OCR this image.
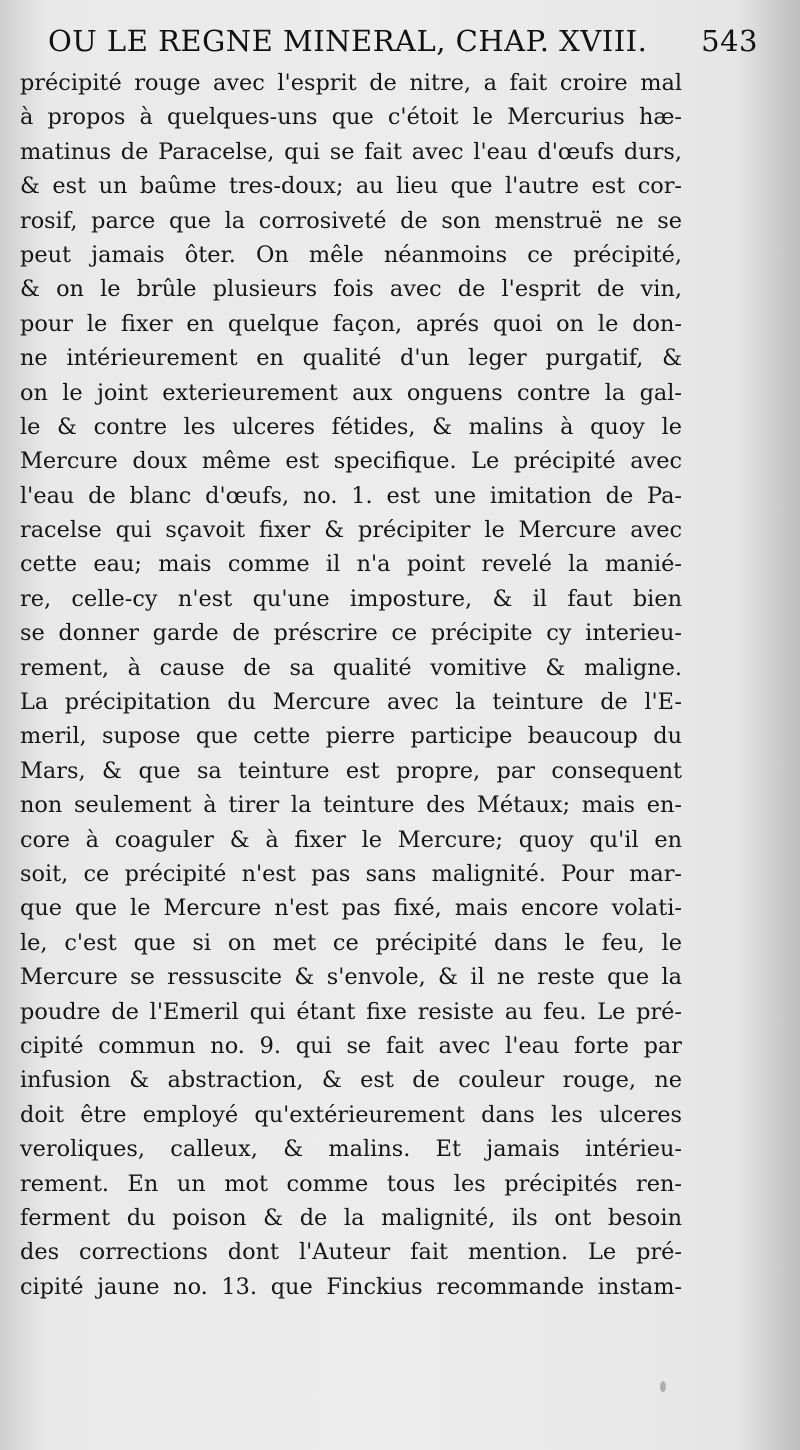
OU LE REGNE MINERAL, CHAP. XVIII. 543
précipité rouge avec l'esprit de nitre, a fait croire mal
à propos à quelques-uns que c'étoit le Mercurius hæ-
matinus de Paracelse, qui se fait avec l'eau d'œufs durs,
& est un baûme tres-doux; au lieu que l'autre est cor-
rosif, parce que la corrosiveté de son menstruë ne se
peut jamais ôter. On mêle néanmoins ce précipité,
& on le brûle plusieurs fois avec de l'esprit de vin,
pour le fixer en quelque façon, aprés quoi on le don-
ne intérieurement en qualité d'un leger purgatif, &
on le joint exterieurement aux onguens contre la gal-
le & contre les ulceres fétides, & malins à quoy le
Mercure doux même est specifique. Le précipité avec
l'eau de blanc d'œufs, no. 1. est une imitation de Pa-
racelse qui sçavoit fixer & précipiter le Mercure avec
cette eau; mais comme il n'a point revelé la manié-
re, celle-cy n'est qu'une imposture, & il faut bien
se donner garde de préscrire ce précipite cy interieu-
rement, à cause de sa qualité vomitive & maligne.
La précipitation du Mercure avec la teinture de l'E-
meril, supose que cette pierre participe beaucoup du
Mars, & que sa teinture est propre, par consequent
non seulement à tirer la teinture des Métaux; mais en-
core à coaguler & à fixer le Mercure; quoy qu'il en
soit, ce précipité n'est pas sans malignité. Pour mar-
que que le Mercure n'est pas fixé, mais encore volati-
le, c'est que si on met ce précipité dans le feu, le
Mercure se ressuscite & s'envole, & il ne reste que la
poudre de l'Emeril qui étant fixe resiste au feu. Le pré-
cipité commun no. 9. qui se fait avec l'eau forte par
infusion & abstraction, & est de couleur rouge, ne
doit être employé qu'extérieurement dans les ulceres
veroliques, calleux, & malins. Et jamais intérieu-
rement. En un mot comme tous les précipités ren-
ferment du poison & de la malignité, ils ont besoin
des corrections dont l'Auteur fait mention. Le pré-
cipité jaune no. 13. que Finckius recommande instam-
